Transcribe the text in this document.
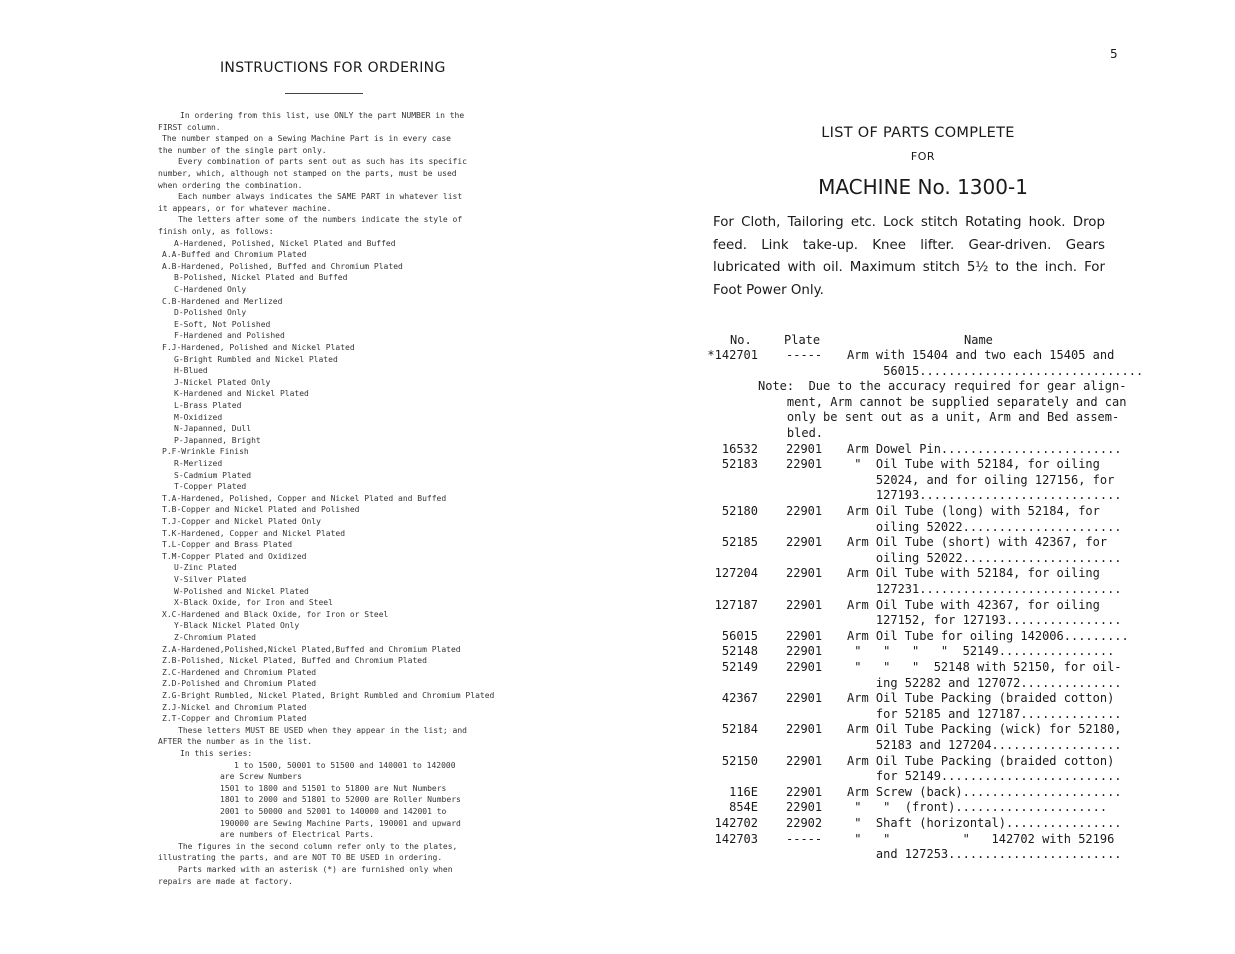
INSTRUCTIONS FOR ORDERING
In ordering from this list, use ONLY the part NUMBER in the
FIRST column.
The number stamped on a Sewing Machine Part is in every case
the number of the single part only.
Every combination of parts sent out as such has its specific
number, which, although not stamped on the parts, must be used
when ordering the combination.
Each number always indicates the SAME PART in whatever list
it appears, or for whatever machine.
The letters after some of the numbers indicate the style of
finish only, as follows:
A-Hardened, Polished, Nickel Plated and Buffed
A.A-Buffed and Chromium Plated
A.B-Hardened, Polished, Buffed and Chromium Plated
B-Polished, Nickel Plated and Buffed
C-Hardened Only
C.B-Hardened and Merlized
D-Polished Only
E-Soft, Not Polished
F-Hardened and Polished
F.J-Hardened, Polished and Nickel Plated
G-Bright Rumbled and Nickel Plated
H-Blued
J-Nickel Plated Only
K-Hardened and Nickel Plated
L-Brass Plated
M-Oxidized
N-Japanned, Dull
P-Japanned, Bright
P.F-Wrinkle Finish
R-Merlized
S-Cadmium Plated
T-Copper Plated
T.A-Hardened, Polished, Copper and Nickel Plated and Buffed
T.B-Copper and Nickel Plated and Polished
T.J-Copper and Nickel Plated Only
T.K-Hardened, Copper and Nickel Plated
T.L-Copper and Brass Plated
T.M-Copper Plated and Oxidized
U-Zinc Plated
V-Silver Plated
W-Polished and Nickel Plated
X-Black Oxide, for Iron and Steel
X.C-Hardened and Black Oxide, for Iron or Steel
Y-Black Nickel Plated Only
Z-Chromium Plated
Z.A-Hardened,Polished,Nickel Plated,Buffed and Chromium Plated
Z.B-Polished, Nickel Plated, Buffed and Chromium Plated
Z.C-Hardened and Chromium Plated
Z.D-Polished and Chromium Plated
Z.G-Bright Rumbled, Nickel Plated, Bright Rumbled and Chromium Plated
Z.J-Nickel and Chromium Plated
Z.T-Copper and Chromium Plated
These letters MUST BE USED when they appear in the list; and
AFTER the number as in the list.
In this series:
1 to 1500, 50001 to 51500 and 140001 to 142000
are Screw Numbers
1501 to 1800 and 51501 to 51800 are Nut Numbers
1801 to 2000 and 51801 to 52000 are Roller Numbers
2001 to 50000 and 52001 to 140000 and 142001 to
190000 are Sewing Machine Parts, 190001 and upward
are numbers of Electrical Parts.
The figures in the second column refer only to the plates,
illustrating the parts, and are NOT TO BE USED in ordering.
Parts marked with an asterisk (*) are furnished only when
repairs are made at factory.
5
LIST OF PARTS COMPLETE
FOR
MACHINE No. 1300-1
For Cloth, Tailoring etc. Lock stitch Rotating hook. Drop feed. Link take-up. Knee lifter. Gear-driven. Gears lubricated with oil. Maximum stitch 5½ to the inch. For Foot Power Only.
No.	Plate	Name
*142701 -----	Arm with 15404 and two each 15405 and
56015...............................
Note:  Due to the accuracy required for gear align-
ment, Arm cannot be supplied separately and can
only be sent out as a unit, Arm and Bed assem-
bled.
16532 22901	Arm Dowel Pin.........................
52183 22901	"  Oil Tube with 52184, for oiling
52024, and for oiling 127156, for
127193............................
52180 22901	Arm Oil Tube (long) with 52184, for
oiling 52022......................
52185 22901	Arm Oil Tube (short) with 42367, for
oiling 52022......................
127204 22901	Arm Oil Tube with 52184, for oiling
127231............................
127187 22901	Arm Oil Tube with 42367, for oiling
127152, for 127193................
56015 22901	Arm Oil Tube for oiling 142006.........
52148 22901	"   "   "   "  52149................
52149 22901	"   "   "  52148 with 52150, for oil-
ing 52282 and 127072..............
42367 22901	Arm Oil Tube Packing (braided cotton)
for 52185 and 127187..............
52184 22901	Arm Oil Tube Packing (wick) for 52180,
52183 and 127204..................
52150 22901	Arm Oil Tube Packing (braided cotton)
for 52149.........................
116E 22901	Arm Screw (back)......................
854E 22901	"   "  (front).....................
142702 22902	"  Shaft (horizontal)................
142703 -----	"   "          "   142702 with 52196
and 127253........................
